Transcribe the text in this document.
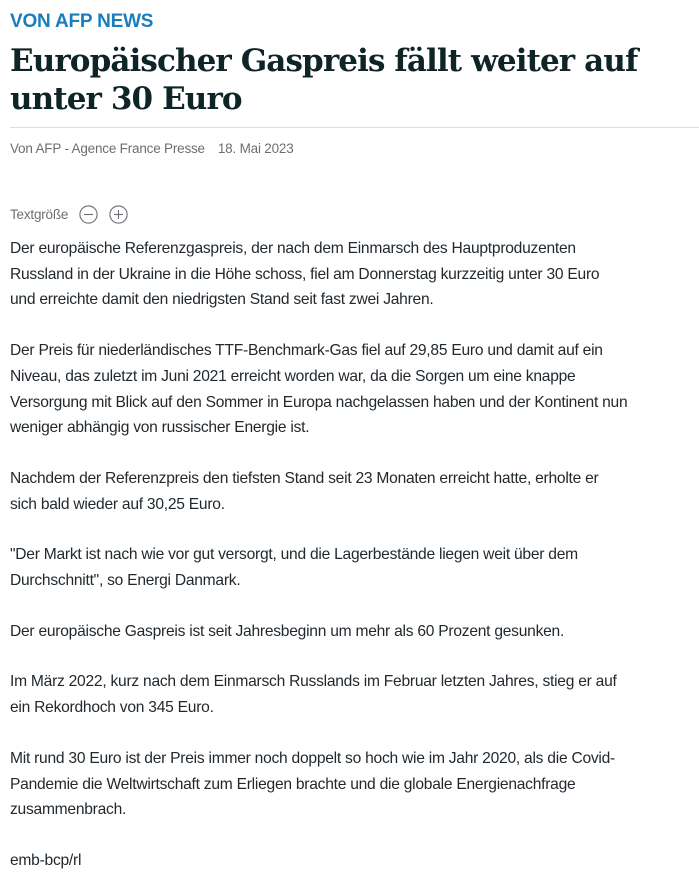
VON AFP NEWS
Europäischer Gaspreis fällt weiter auf unter 30 Euro
Von AFP - Agence France Presse 18. Mai 2023
Textgröße

Der europäische Referenzgaspreis, der nach dem Einmarsch des Hauptproduzenten Russland in der Ukraine in die Höhe schoss, fiel am Donnerstag kurzzeitig unter 30 Euro und erreichte damit den niedrigsten Stand seit fast zwei Jahren.

Der Preis für niederländisches TTF-Benchmark-Gas fiel auf 29,85 Euro und damit auf ein Niveau, das zuletzt im Juni 2021 erreicht worden war, da die Sorgen um eine knappe Versorgung mit Blick auf den Sommer in Europa nachgelassen haben und der Kontinent nun weniger abhängig von russischer Energie ist.

Nachdem der Referenzpreis den tiefsten Stand seit 23 Monaten erreicht hatte, erholte er sich bald wieder auf 30,25 Euro.

"Der Markt ist nach wie vor gut versorgt, und die Lagerbestände liegen weit über dem Durchschnitt", so Energi Danmark.

Der europäische Gaspreis ist seit Jahresbeginn um mehr als 60 Prozent gesunken.

Im März 2022, kurz nach dem Einmarsch Russlands im Februar letzten Jahres, stieg er auf ein Rekordhoch von 345 Euro.

Mit rund 30 Euro ist der Preis immer noch doppelt so hoch wie im Jahr 2020, als die Covid-Pandemie die Weltwirtschaft zum Erliegen brachte und die globale Energienachfrage zusammenbrach.

emb-bcp/rl
